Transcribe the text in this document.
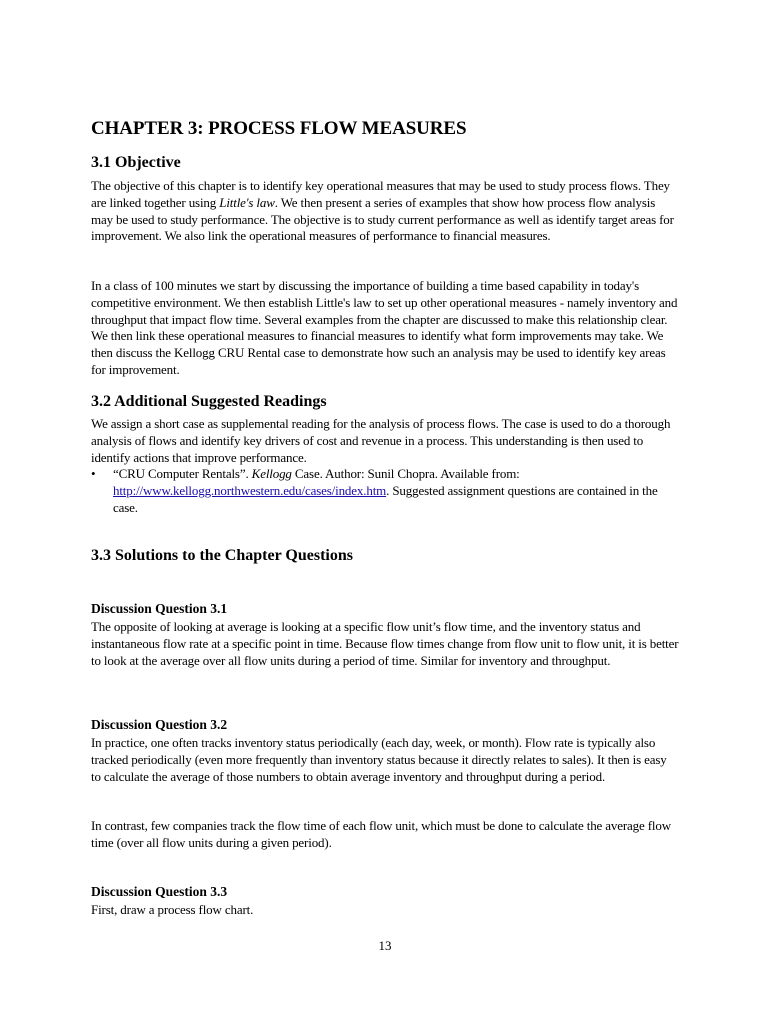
CHAPTER 3: PROCESS FLOW MEASURES
3.1 Objective

The objective of this chapter is to identify key operational measures that may be used to study process flows. They are linked together using Little's law. We then present a series of examples that show how process flow analysis may be used to study performance. The objective is to study current performance as well as identify target areas for improvement. We also link the operational measures of performance to financial measures.

In a class of 100 minutes we start by discussing the importance of building a time based capability in today's competitive environment. We then establish Little's law to set up other operational measures - namely inventory and throughput that impact flow time. Several examples from the chapter are discussed to make this relationship clear. We then link these operational measures to financial measures to identify what form improvements may take. We then discuss the Kellogg CRU Rental case to demonstrate how such an analysis may be used to identify key areas for improvement.

3.2 Additional Suggested Readings

We assign a short case as supplemental reading for the analysis of process flows. The case is used to do a thorough analysis of flows and identify key drivers of cost and revenue in a process. This understanding is then used to identify actions that improve performance.

• “CRU Computer Rentals”. Kellogg Case. Author: Sunil Chopra. Available from: http://www.kellogg.northwestern.edu/cases/index.htm. Suggested assignment questions are contained in the case.
3.3 Solutions to the Chapter Questions
Discussion Question 3.1

The opposite of looking at average is looking at a specific flow unit’s flow time, and the inventory status and instantaneous flow rate at a specific point in time. Because flow times change from flow unit to flow unit, it is better to look at the average over all flow units during a period of time. Similar for inventory and throughput.

Discussion Question 3.2

In practice, one often tracks inventory status periodically (each day, week, or month). Flow rate is typically also tracked periodically (even more frequently than inventory status because it directly relates to sales). It then is easy to calculate the average of those numbers to obtain average inventory and throughput during a period.

In contrast, few companies track the flow time of each flow unit, which must be done to calculate the average flow time (over all flow units during a given period).

Discussion Question 3.3

First, draw a process flow chart.

13
